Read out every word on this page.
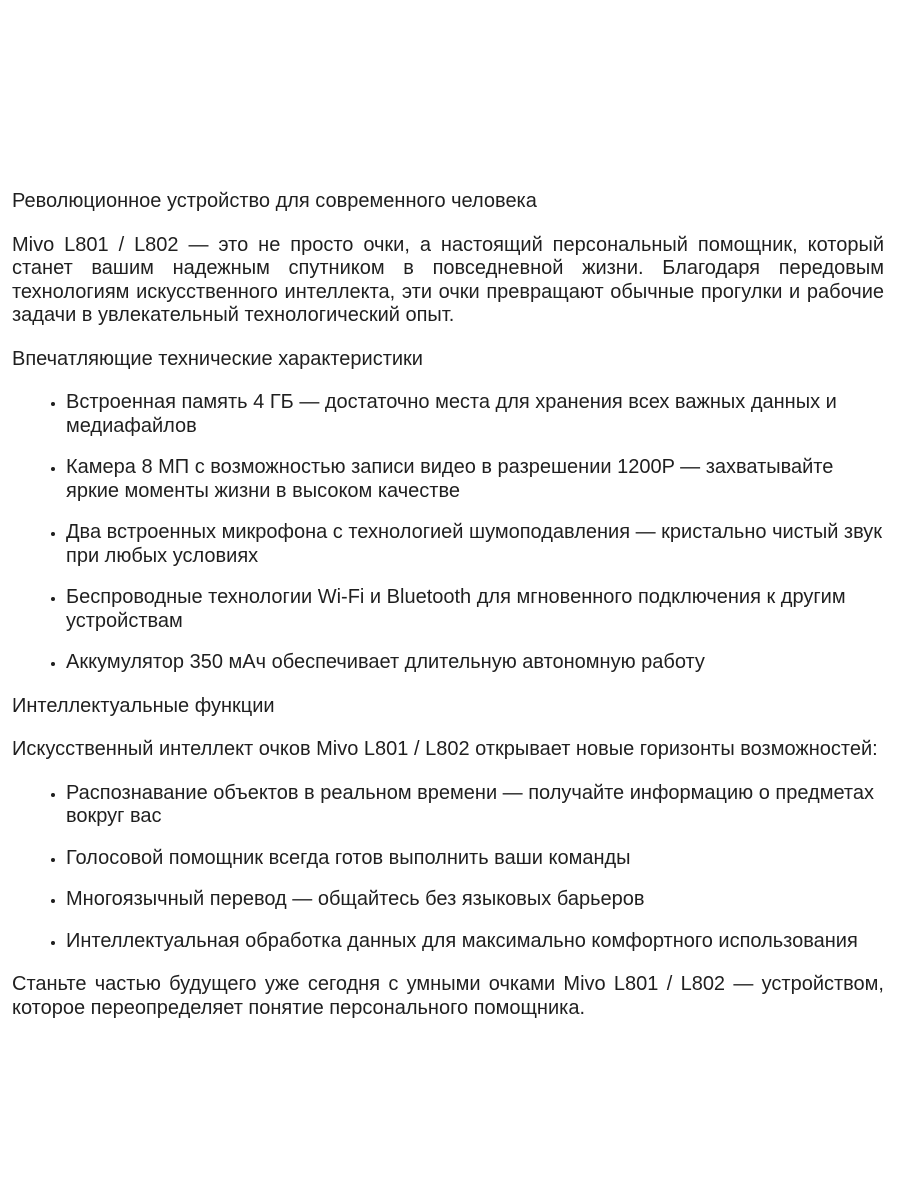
Революционное устройство для современного человека

Mivo L801 / L802 — это не просто очки, а настоящий персональный помощник, который станет вашим надежным спутником в повседневной жизни. Благодаря передовым технологиям искусственного интеллекта, эти очки превращают обычные прогулки и рабочие задачи в увлекательный технологический опыт.

Впечатляющие технические характеристики

• Встроенная память 4 ГБ — достаточно места для хранения всех важных данных и медиафайлов
• Камера 8 МП с возможностью записи видео в разрешении 1200P — захватывайте яркие моменты жизни в высоком качестве
• Два встроенных микрофона с технологией шумоподавления — кристально чистый звук при любых условиях
• Беспроводные технологии Wi-Fi и Bluetooth для мгновенного подключения к другим устройствам
• Аккумулятор 350 мАч обеспечивает длительную автономную работу

Интеллектуальные функции

Искусственный интеллект очков Mivo L801 / L802 открывает новые горизонты возможностей:

• Распознавание объектов в реальном времени — получайте информацию о предметах вокруг вас
• Голосовой помощник всегда готов выполнить ваши команды
• Многоязычный перевод — общайтесь без языковых барьеров
• Интеллектуальная обработка данных для максимально комфортного использования

Станьте частью будущего уже сегодня с умными очками Mivo L801 / L802 — устройством, которое переопределяет понятие персонального помощника.
